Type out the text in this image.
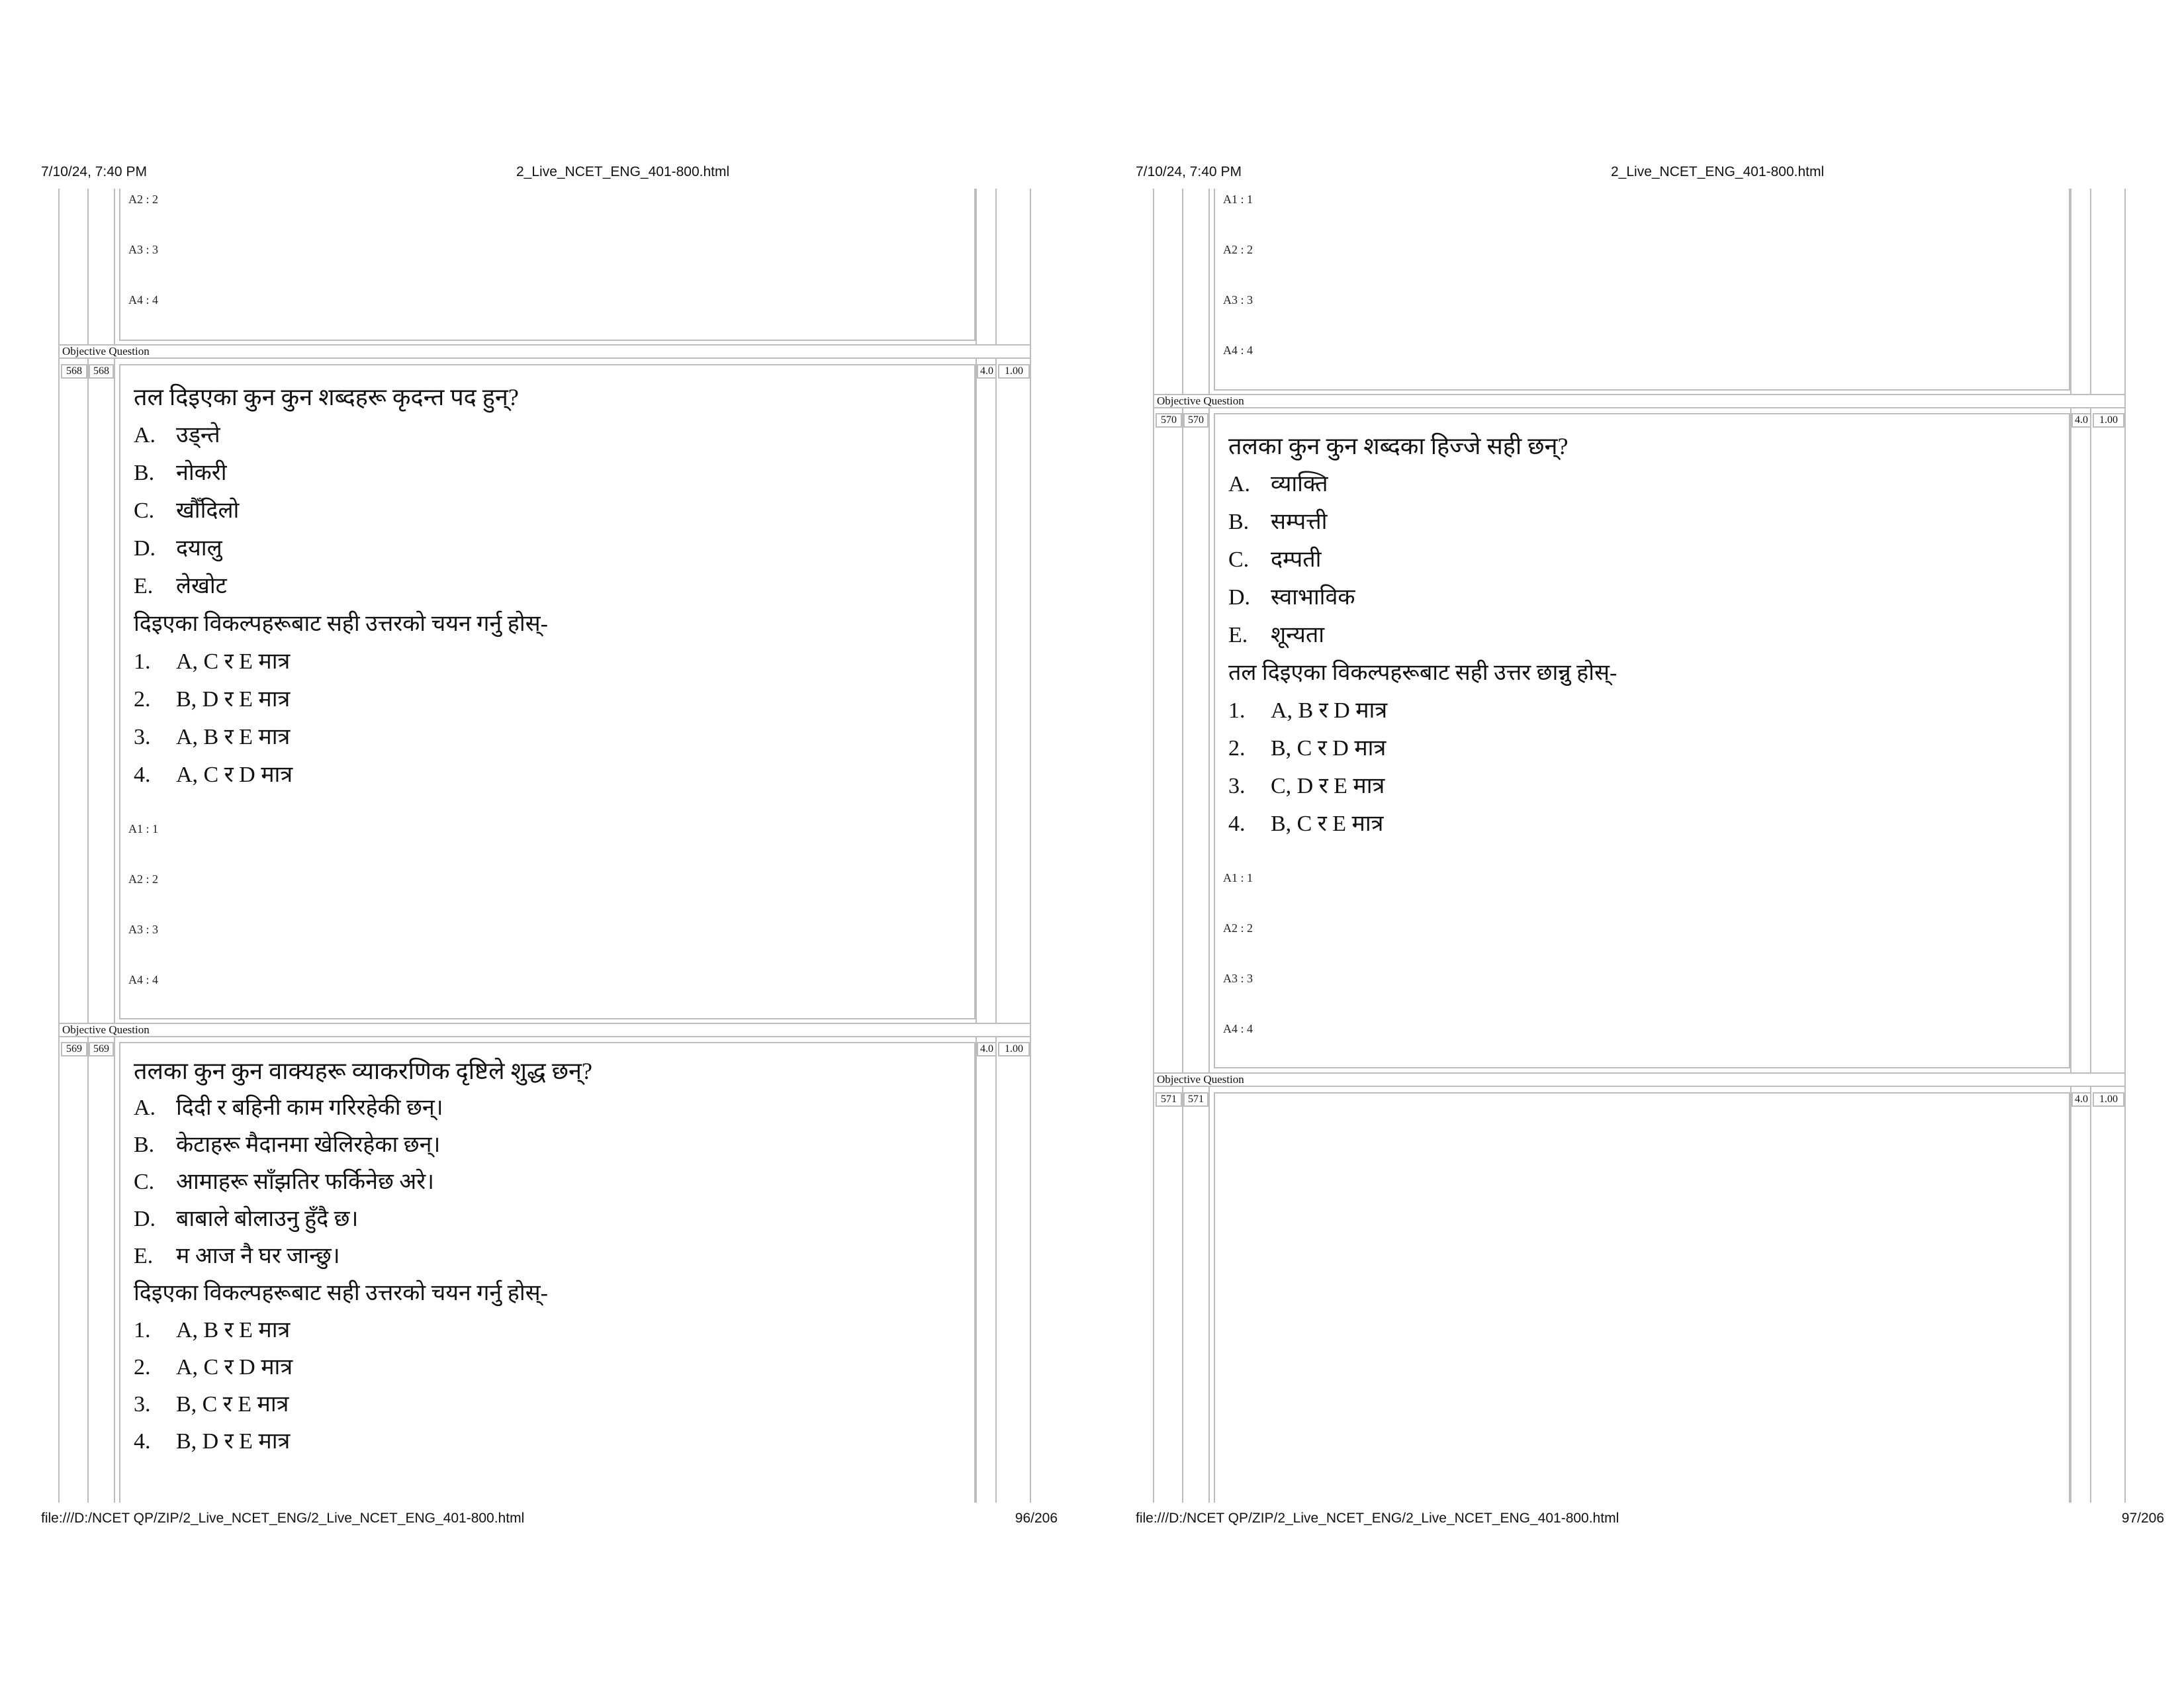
7/10/24, 7:40 PM	2_Live_NCET_ENG_401-800.html
A2 : 2
A3 : 3
A4 : 4
Objective Question
568	568	4.0	1.00
तल दिइएका कुन कुन शब्दहरू कृदन्त पद हुन्?
A. उड्न्ते
B. नोकरी
C. खौँदिलो
D. दयालु
E. लेखोट
दिइएका विकल्पहरूबाट सही उत्तरको चयन गर्नु होस्-
1. A, C र E मात्र
2. B, D र E मात्र
3. A, B र E मात्र
4. A, C र D मात्र
A1 : 1
A2 : 2
A3 : 3
A4 : 4
Objective Question
569	569	4.0	1.00
तलका कुन कुन वाक्यहरू व्याकरणिक दृष्टिले शुद्ध छन्?
A. दिदी र बहिनी काम गरिरहेकी छन्।
B. केटाहरू मैदानमा खेलिरहेका छन्।
C. आमाहरू साँझतिर फर्किनेछ अरे।
D. बाबाले बोलाउनु हुँदै छ।
E. म आज नै घर जान्छु।
दिइएका विकल्पहरूबाट सही उत्तरको चयन गर्नु होस्-
1. A, B र E मात्र
2. A, C र D मात्र
3. B, C र E मात्र
4. B, D र E मात्र
file:///D:/NCET QP/ZIP/2_Live_NCET_ENG/2_Live_NCET_ENG_401-800.html	96/206
7/10/24, 7:40 PM	2_Live_NCET_ENG_401-800.html
A1 : 1
A2 : 2
A3 : 3
A4 : 4
Objective Question
570	570	4.0	1.00
तलका कुन कुन शब्दका हिज्जे सही छन्?
A. व्याक्ति
B. सम्पत्ती
C. दम्पती
D. स्वाभाविक
E. शून्यता
तल दिइएका विकल्पहरूबाट सही उत्तर छान्नु होस्-
1. A, B र D मात्र
2. B, C र D मात्र
3. C, D र E मात्र
4. B, C र E मात्र
A1 : 1
A2 : 2
A3 : 3
A4 : 4
Objective Question
571	571	4.0	1.00
file:///D:/NCET QP/ZIP/2_Live_NCET_ENG/2_Live_NCET_ENG_401-800.html	97/206
